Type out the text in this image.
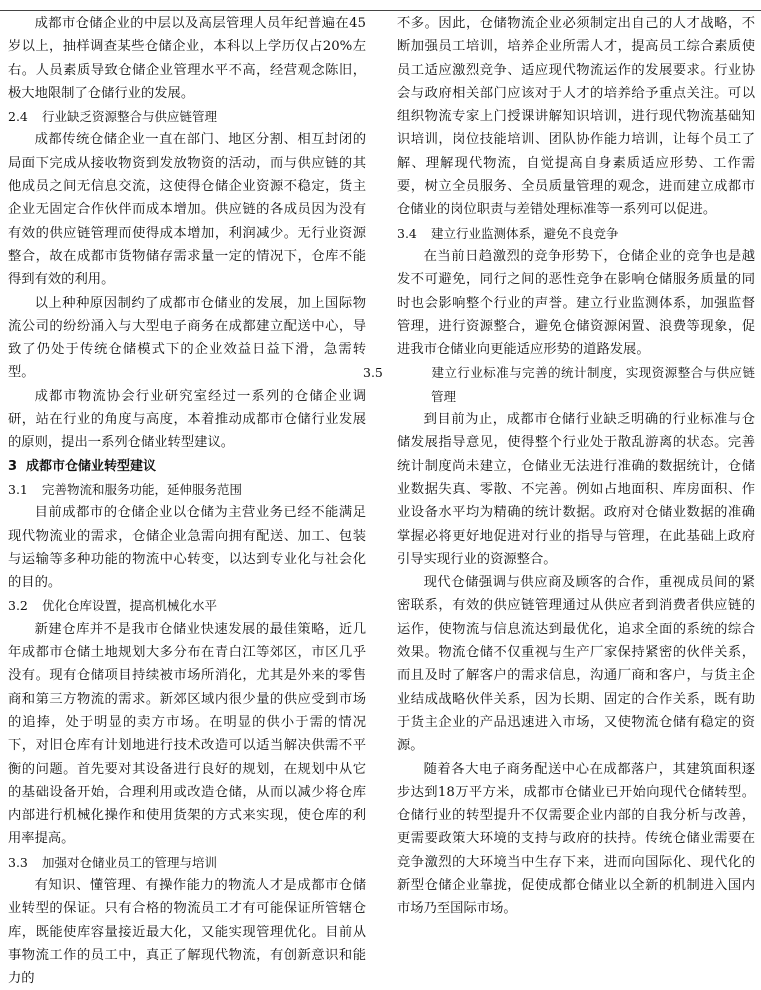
成都市仓储企业的中层以及高层管理人员年纪普遍在45岁以上，抽样调查某些仓储企业，本科以上学历仅占20%左右。人员素质导致仓储企业管理水平不高，经营观念陈旧，极大地限制了仓储行业的发展。

2.4 行业缺乏资源整合与供应链管理

成都传统仓储企业一直在部门、地区分割、相互封闭的局面下完成从接收物资到发放物资的活动，而与供应链的其他成员之间无信息交流，这使得仓储企业资源不稳定，货主企业无固定合作伙伴而成本增加。供应链的各成员因为没有有效的供应链管理而使得成本增加，利润减少。无行业资源整合，故在成都市货物储存需求量一定的情况下，仓库不能得到有效的利用。

以上种种原因制约了成都市仓储业的发展，加上国际物流公司的纷纷涌入与大型电子商务在成都建立配送中心，导致了仍处于传统仓储模式下的企业效益日益下滑，急需转型。

成都市物流协会行业研究室经过一系列的仓储企业调研，站在行业的角度与高度，本着推动成都市仓储行业发展的原则，提出一系列仓储业转型建议。

3 成都市仓储业转型建议
3.1 完善物流和服务功能，延伸服务范围

目前成都市的仓储企业以仓储为主营业务已经不能满足现代物流业的需求，仓储企业急需向拥有配送、加工、包装与运输等多种功能的物流中心转变，以达到专业化与社会化的目的。

3.2 优化仓库设置，提高机械化水平

新建仓库并不是我市仓储业快速发展的最佳策略，近几年成都市仓储土地规划大多分布在青白江等郊区，市区几乎没有。现有仓储项目持续被市场所消化，尤其是外来的零售商和第三方物流的需求。新郊区域内很少量的供应受到市场的追捧，处于明显的卖方市场。在明显的供小于需的情况下，对旧仓库有计划地进行技术改造可以适当解决供需不平衡的问题。首先要对其设备进行良好的规划，在规划中从它的基础设备开始，合理利用或改造仓储，从而以减少将仓库内部进行机械化操作和使用货架的方式来实现，使仓库的利用率提高。

3.3 加强对仓储业员工的管理与培训

有知识、懂管理、有操作能力的物流人才是成都市仓储业转型的保证。只有合格的物流员工才有可能保证所管辖仓库，既能使库容量接近最大化，又能实现管理优化。目前从事物流工作的员工中，真正了解现代物流，有创新意识和能力的

不多。因此，仓储物流企业必须制定出自己的人才战略，不断加强员工培训，培养企业所需人才，提高员工综合素质使员工适应激烈竞争、适应现代物流运作的发展要求。行业协会与政府相关部门应该对于人才的培养给予重点关注。可以组织物流专家上门授课讲解知识培训，进行现代物流基础知识培训，岗位技能培训、团队协作能力培训，让每个员工了解、理解现代物流，自觉提高自身素质适应形势、工作需要，树立全员服务、全员质量管理的观念，进而建立成都市仓储业的岗位职责与差错处理标准等一系列可以促进。

3.4 建立行业监测体系，避免不良竞争

在当前日趋激烈的竞争形势下，仓储企业的竞争也是越发不可避免，同行之间的恶性竞争在影响仓储服务质量的同时也会影响整个行业的声誉。建立行业监测体系，加强监督管理，进行资源整合，避免仓储资源闲置、浪费等现象，促进我市仓储业向更能适应形势的道路发展。

3.5	建立行业标准与完善的统计制度，实现资源整合与供应链管理

到目前为止，成都市仓储行业缺乏明确的行业标准与仓储发展指导意见，使得整个行业处于散乱游离的状态。完善统计制度尚未建立，仓储业无法进行准确的数据统计，仓储业数据失真、零散、不完善。例如占地面积、库房面积、作业设备水平均为精确的统计数据。政府对仓储业数据的准确掌握必将更好地促进对行业的指导与管理，在此基础上政府引导实现行业的资源整合。

现代仓储强调与供应商及顾客的合作，重视成员间的紧密联系，有效的供应链管理通过从供应者到消费者供应链的运作，使物流与信息流达到最优化，追求全面的系统的综合效果。物流仓储不仅重视与生产厂家保持紧密的伙伴关系，而且及时了解客户的需求信息，沟通厂商和客户，与货主企业结成战略伙伴关系，因为长期、固定的合作关系，既有助于货主企业的产品迅速进入市场，又使物流仓储有稳定的资源。

随着各大电子商务配送中心在成都落户，其建筑面积逐步达到18万平方米，成都市仓储业已开始向现代仓储转型。仓储行业的转型提升不仅需要企业内部的自我分析与改善，更需要政策大环境的支持与政府的扶持。传统仓储业需要在竞争激烈的大环境当中生存下来，进而向国际化、现代化的新型仓储企业靠拢，促使成都仓储业以全新的机制进入国内市场乃至国际市场。
